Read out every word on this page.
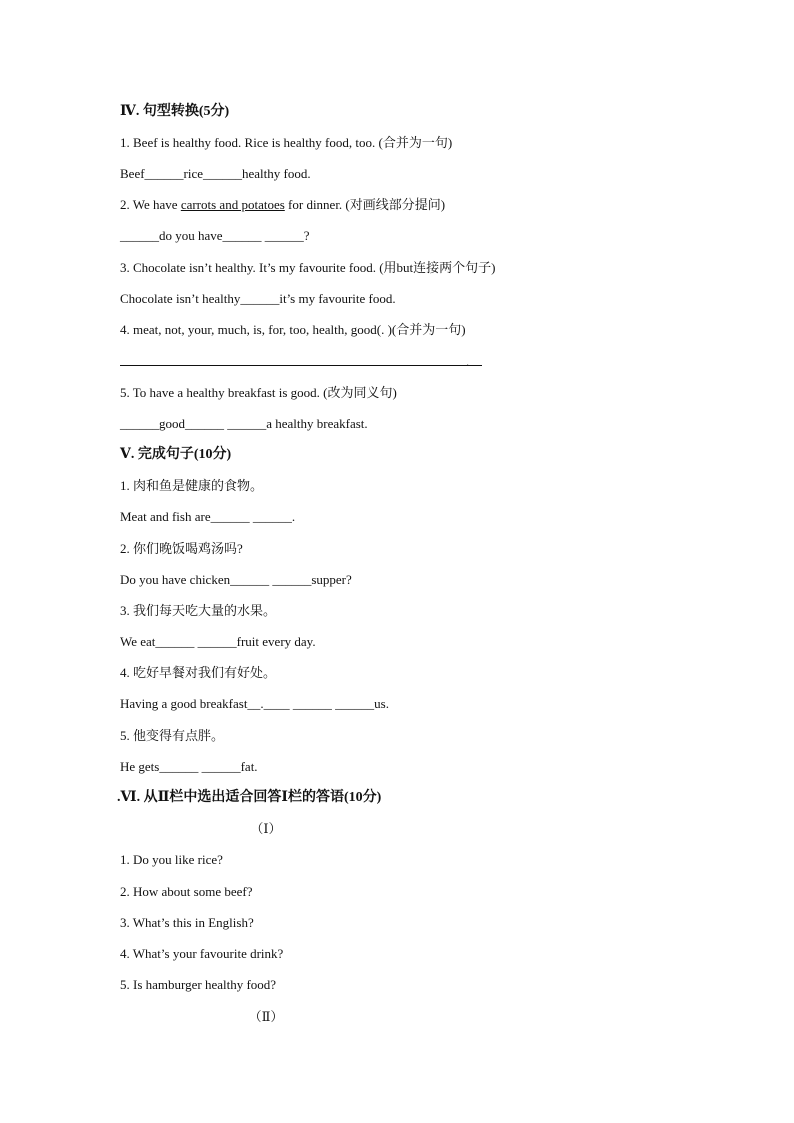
Ⅳ. 句型转换(5分)
1. Beef is healthy food. Rice is healthy food, too. (合并为一句)
Beef______rice______healthy food.
2. We have carrots and potatoes for dinner. (对画线部分提问)
______do you have______ ______?
3. Chocolate isn’t healthy. It’s my favourite food. (用but连接两个句子)
Chocolate isn’t healthy______it’s my favourite food.
4. meat, not, your, much, is, for, too, health, good(. )(合并为一句)
.
5. To have a healthy breakfast is good. (改为同义句)
______good______ ______a healthy breakfast.
Ⅴ. 完成句子(10分)
1. 肉和鱼是健康的食物。
Meat and fish are______ ______.
2. 你们晚饭喝鸡汤吗?
Do you have chicken______ ______supper?
3. 我们每天吃大量的水果。
We eat______ ______fruit every day.
4. 吃好早餐对我们有好处。
Having a good breakfast__.____ ______ ______us.
5. 他变得有点胖。
He gets______ ______fat.
.Ⅵ. 从Ⅱ栏中选出适合回答Ⅰ栏的答语(10分)
（Ⅰ）
1. Do you like rice?
2. How about some beef?
3. What’s this in English?
4. What’s your favourite drink?
5. Is hamburger healthy food?
（Ⅱ）
